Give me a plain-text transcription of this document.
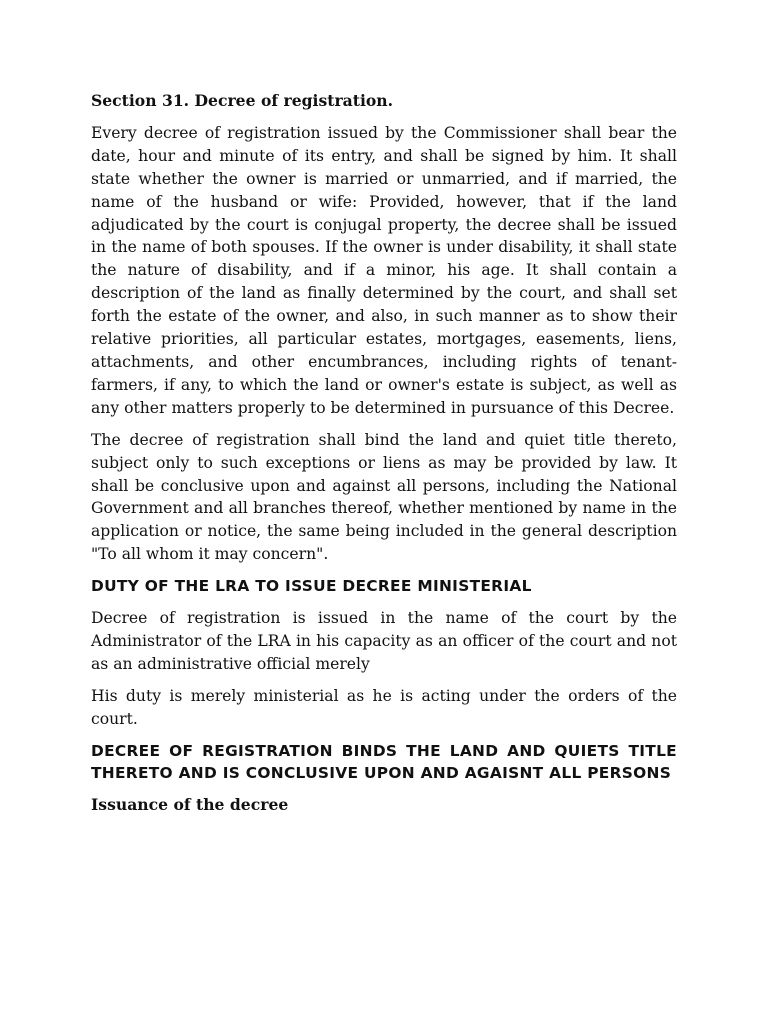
Section 31. Decree of registration.
Every decree of registration issued by the Commissioner shall bear the date, hour and minute of its entry, and shall be signed by him. It shall state whether the owner is married or unmarried, and if married, the name of the husband or wife: Provided, however, that if the land adjudicated by the court is conjugal property, the decree shall be issued in the name of both spouses. If the owner is under disability, it shall state the nature of disability, and if a minor, his age. It shall contain a description of the land as finally determined by the court, and shall set forth the estate of the owner, and also, in such manner as to show their relative priorities, all particular estates, mortgages, easements, liens, attachments, and other encumbrances, including rights of tenant-farmers, if any, to which the land or owner's estate is subject, as well as any other matters properly to be determined in pursuance of this Decree.
The decree of registration shall bind the land and quiet title thereto, subject only to such exceptions or liens as may be provided by law. It shall be conclusive upon and against all persons, including the National Government and all branches thereof, whether mentioned by name in the application or notice, the same being included in the general description "To all whom it may concern".
DUTY OF THE LRA TO ISSUE DECREE MINISTERIAL
Decree of registration is issued in the name of the court by the Administrator of the LRA in his capacity as an officer of the court and not as an administrative official merely
His duty is merely ministerial as he is acting under the orders of the court.
DECREE OF REGISTRATION BINDS THE LAND AND QUIETS TITLE THERETO AND IS CONCLUSIVE UPON AND AGAISNT ALL PERSONS
Issuance of the decree
